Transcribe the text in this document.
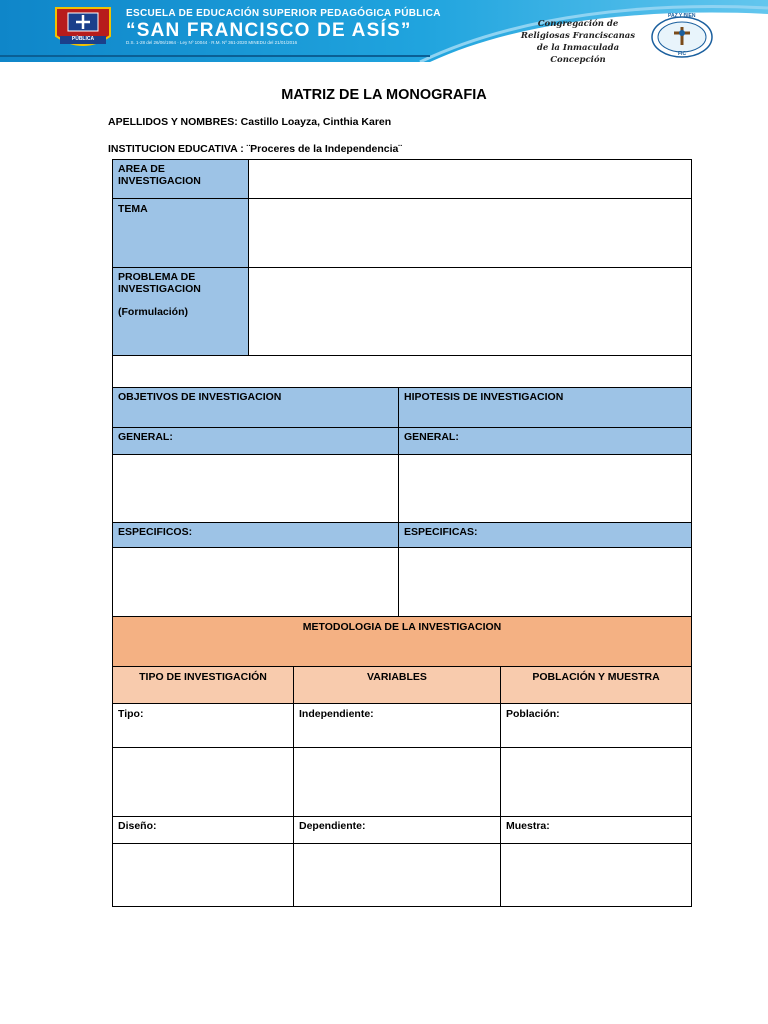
PÚBLICA
ESCUELA DE EDUCACIÓN SUPERIOR PEDAGÓGICA PÚBLICA
“SAN FRANCISCO DE ASÍS”
D.S. 1-28 del 26/06/1964 · Ley Nº 10044 · R.M. Nº 361-2020 MINEDU del 21/01/2016
Congregación de
Religiosas Franciscanas
de la Inmaculada Concepción
PAZ Y BIEN
FIC
MATRIZ DE LA MONOGRAFIA
APELLIDOS Y NOMBRES: Castillo Loayza, Cinthia Karen
INSTITUCION EDUCATIVA : ¨Proceres de la Independencia¨
AREA DE INVESTIGACION
TEMA
PROBLEMA DE INVESTIGACION
(Formulación)
OBJETIVOS DE INVESTIGACION	HIPOTESIS DE INVESTIGACION
GENERAL:	GENERAL:
ESPECIFICOS:	ESPECIFICAS:
METODOLOGIA DE LA INVESTIGACION
TIPO DE INVESTIGACIÓN	VARIABLES	POBLACIÓN Y MUESTRA
Tipo:	Independiente:	Población:
Diseño:	Dependiente:	Muestra:
